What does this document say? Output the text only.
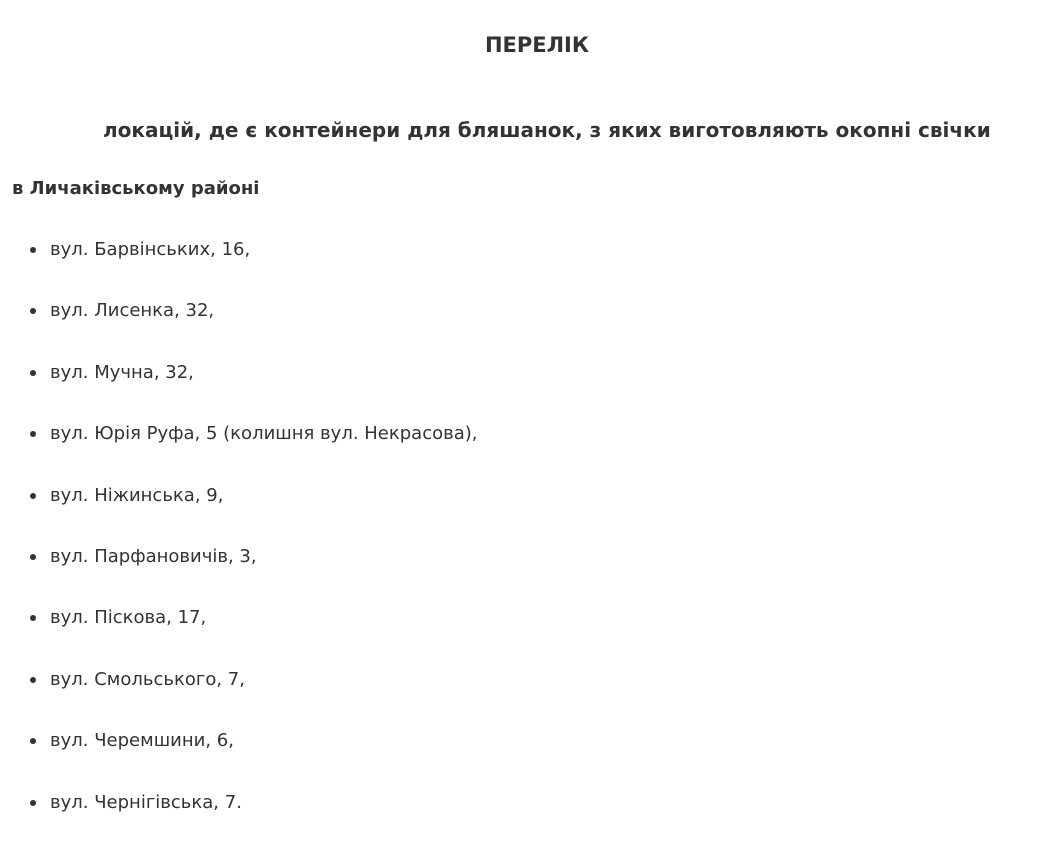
ПЕРЕЛІК
локацій, де є контейнери для бляшанок, з яких виготовляють окопні свічки
в Личаківському районі
вул. Барвінських, 16,
вул. Лисенка, 32,
вул. Мучна, 32,
вул. Юрія Руфа, 5 (колишня вул. Некрасова),
вул. Ніжинська, 9,
вул. Парфановичів, 3,
вул. Піскова, 17,
вул. Смольського, 7,
вул. Черемшини, 6,
вул. Чернігівська, 7.
